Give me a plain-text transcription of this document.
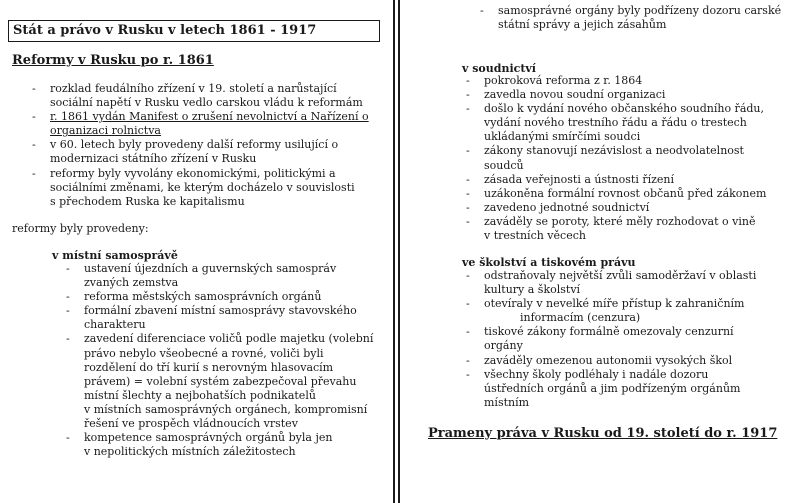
Stát a právo v Rusku v letech 1861 - 1917
Reformy v Rusku po r. 1861
- rozklad feudálního zřízení v 19. století a narůstající
sociální napětí v Rusku vedlo carskou vládu k reformám
- r. 1861 vydán Manifest o zrušení nevolnictví a Nařízení o
organizaci rolnictva
- v 60. letech byly provedeny další reformy usilující o
modernizaci státního zřízení v Rusku
- reformy byly vyvolány ekonomickými, politickými a
sociálními změnami, ke kterým docházelo v souvislosti
s přechodem Ruska ke kapitalismu
reformy byly provedeny:
v místní samosprávě
- ustavení újezdních a guvernských samospráv
zvaných zemstva
- reforma městských samosprávních orgánů
- formální zbavení místní samosprávy stavovského
charakteru
- zavedení diferenciace voličů podle majetku (volební
právo nebylo všeobecné a rovné, voliči byli
rozdělení do tří kurií s nerovným hlasovacím
právem) = volební systém zabezpečoval převahu
místní šlechty a nejbohatších podnikatelů
v místních samosprávných orgánech, kompromisní
řešení ve prospěch vládnoucích vrstev
- kompetence samosprávných orgánů byla jen
v nepolitických místních záležitostech
- samosprávné orgány byly podřízeny dozoru carské
státní správy a jejich zásahům
v soudnictví
- pokroková reforma z r. 1864
- zavedla novou soudní organizaci
- došlo k vydání nového občanského soudního řádu,
vydání nového trestního řádu a řádu o trestech
ukládanými smírčími soudci
- zákony stanovují nezávislost a neodvolatelnost
soudců
- zásada veřejnosti a ústnosti řízení
- uzákoněna formální rovnost občanů před zákonem
- zavedeno jednotné soudnictví
- zaváděly se poroty, které měly rozhodovat o vině
v trestních věcech
ve školství a tiskovém právu
- odstraňovaly největší zvůli samoděržaví v oblasti
kultury a školství
- otevíraly v nevelké míře přístup k zahraničním

informacím (cenzura)
- tiskové zákony formálně omezovaly cenzurní
orgány
- zaváděly omezenou autonomii vysokých škol
- všechny školy podléhaly i nadále dozoru
ústředních orgánů a jim podřízeným orgánům
místním
Prameny práva v Rusku od 19. století do r. 1917
